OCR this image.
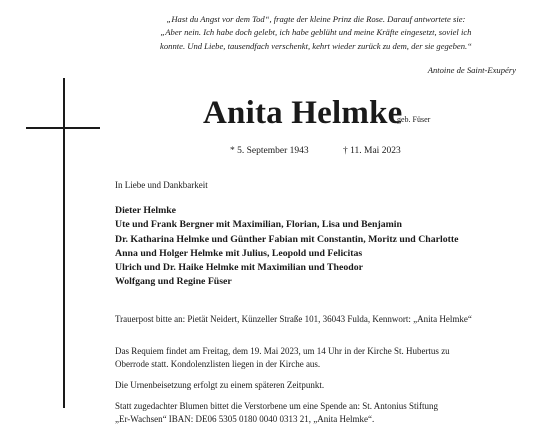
„Hast du Angst vor dem Tod“, fragte der kleine Prinz die Rose. Darauf antwortete sie:
„Aber nein. Ich habe doch gelebt, ich habe geblüht und meine Kräfte eingesetzt, soviel ich
konnte. Und Liebe, tausendfach verschenkt, kehrt wieder zurück zu dem, der sie gegeben.“
Antoine de Saint-Exupéry
Anita Helmke
geb. Füser
* 5. September 1943	† 11. Mai 2023
In Liebe und Dankbarkeit
Dieter Helmke
Ute und Frank Bergner mit Maximilian, Florian, Lisa und Benjamin
Dr. Katharina Helmke und Günther Fabian mit Constantin, Moritz und Charlotte
Anna und Holger Helmke mit Julius, Leopold und Felicitas
Ulrich und Dr. Haike Helmke mit Maximilian und Theodor
Wolfgang und Regine Füser
Trauerpost bitte an: Pietät Neidert, Künzeller Straße 101, 36043 Fulda, Kennwort: „Anita Helmke“
Das Requiem findet am Freitag, dem 19. Mai 2023, um 14 Uhr in der Kirche St. Hubertus zu
Oberrode statt. Kondolenzlisten liegen in der Kirche aus.
Die Urnenbeisetzung erfolgt zu einem späteren Zeitpunkt.
Statt zugedachter Blumen bittet die Verstorbene um eine Spende an: St. Antonius Stiftung
„Er-Wachsen“ IBAN: DE06 5305 0180 0040 0313 21, „Anita Helmke“.
